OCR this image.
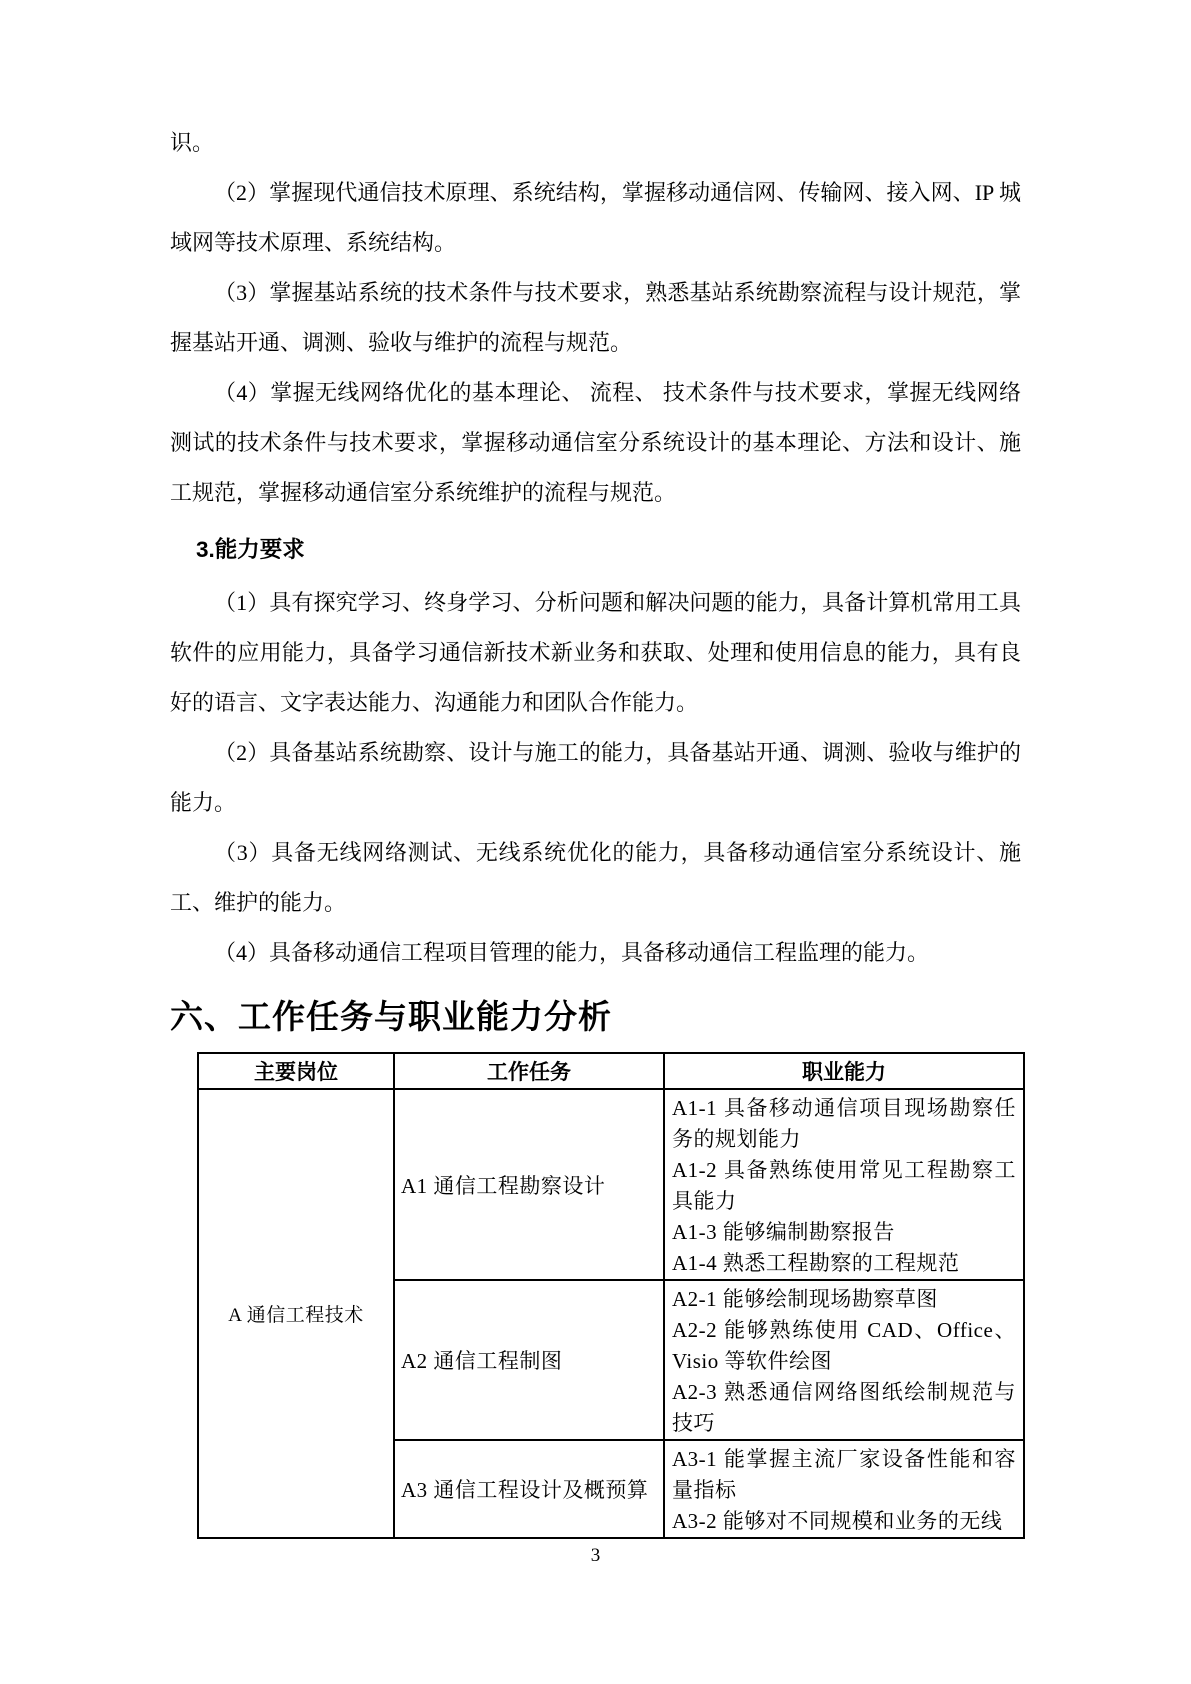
识。

（2）掌握现代通信技术原理、系统结构，掌握移动通信网、传输网、接入网、IP 城域网等技术原理、系统结构。

（3）掌握基站系统的技术条件与技术要求，熟悉基站系统勘察流程与设计规范，掌握基站开通、调测、验收与维护的流程与规范。

（4）掌握无线网络优化的基本理论、 流程、 技术条件与技术要求，掌握无线网络测试的技术条件与技术要求，掌握移动通信室分系统设计的基本理论、方法和设计、施工规范，掌握移动通信室分系统维护的流程与规范。

3.能力要求

（1）具有探究学习、终身学习、分析问题和解决问题的能力，具备计算机常用工具软件的应用能力，具备学习通信新技术新业务和获取、处理和使用信息的能力，具有良好的语言、文字表达能力、沟通能力和团队合作能力。

（2）具备基站系统勘察、设计与施工的能力，具备基站开通、调测、验收与维护的能力。

（3）具备无线网络测试、无线系统优化的能力，具备移动通信室分系统设计、施工、维护的能力。

（4）具备移动通信工程项目管理的能力，具备移动通信工程监理的能力。

六、工作任务与职业能力分析
主要岗位	工作任务	职业能力
A 通信工程技术	A1 通信工程勘察设计	A1-1 具备移动通信项目现场勘察任务的规划能力
A1-2 具备熟练使用常见工程勘察工具能力
A1-3 能够编制勘察报告
A1-4 熟悉工程勘察的工程规范

	A2 通信工程制图	A2-1 能够绘制现场勘察草图
A2-2 能够熟练使用 CAD、Office、Visio 等软件绘图
A2-3 熟悉通信网络图纸绘制规范与技巧

	A3 通信工程设计及概预算	A3-1 能掌握主流厂家设备性能和容量指标
A3-2 能够对不同规模和业务的无线
3
